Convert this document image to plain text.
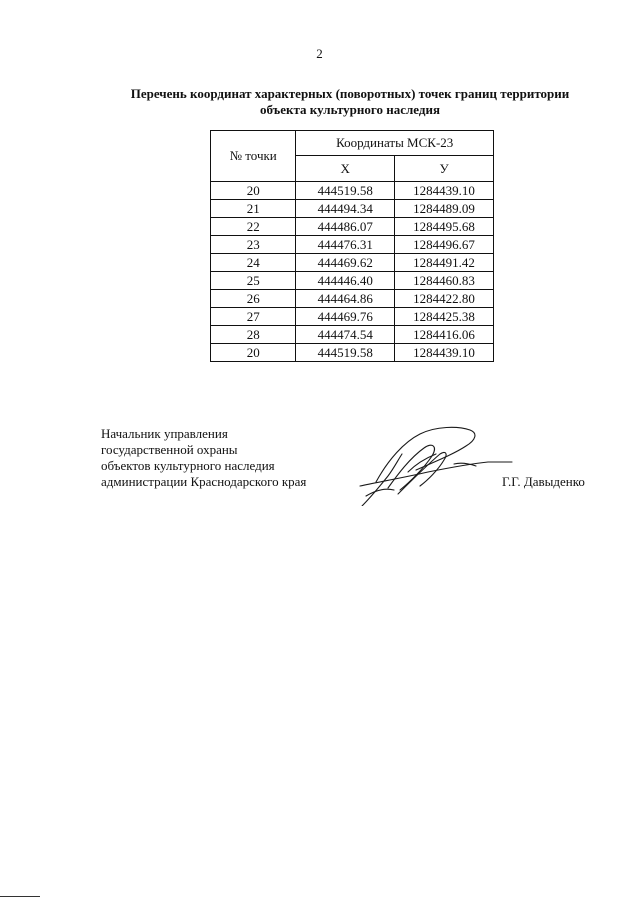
2

Перечень координат характерных (поворотных) точек границ территории
объекта культурного наследия

№ точки	Координаты МСК-23	
	X	У
20	444519.58	1284439.10
21	444494.34	1284489.09
22	444486.07	1284495.68
23	444476.31	1284496.67
24	444469.62	1284491.42
25	444446.40	1284460.83
26	444464.86	1284422.80
27	444469.76	1284425.38
28	444474.54	1284416.06
20	444519.58	1284439.10
Начальник управления
государственной охраны
объектов культурного наследия
администрации Краснодарского края	Г.Г. Давыденко
